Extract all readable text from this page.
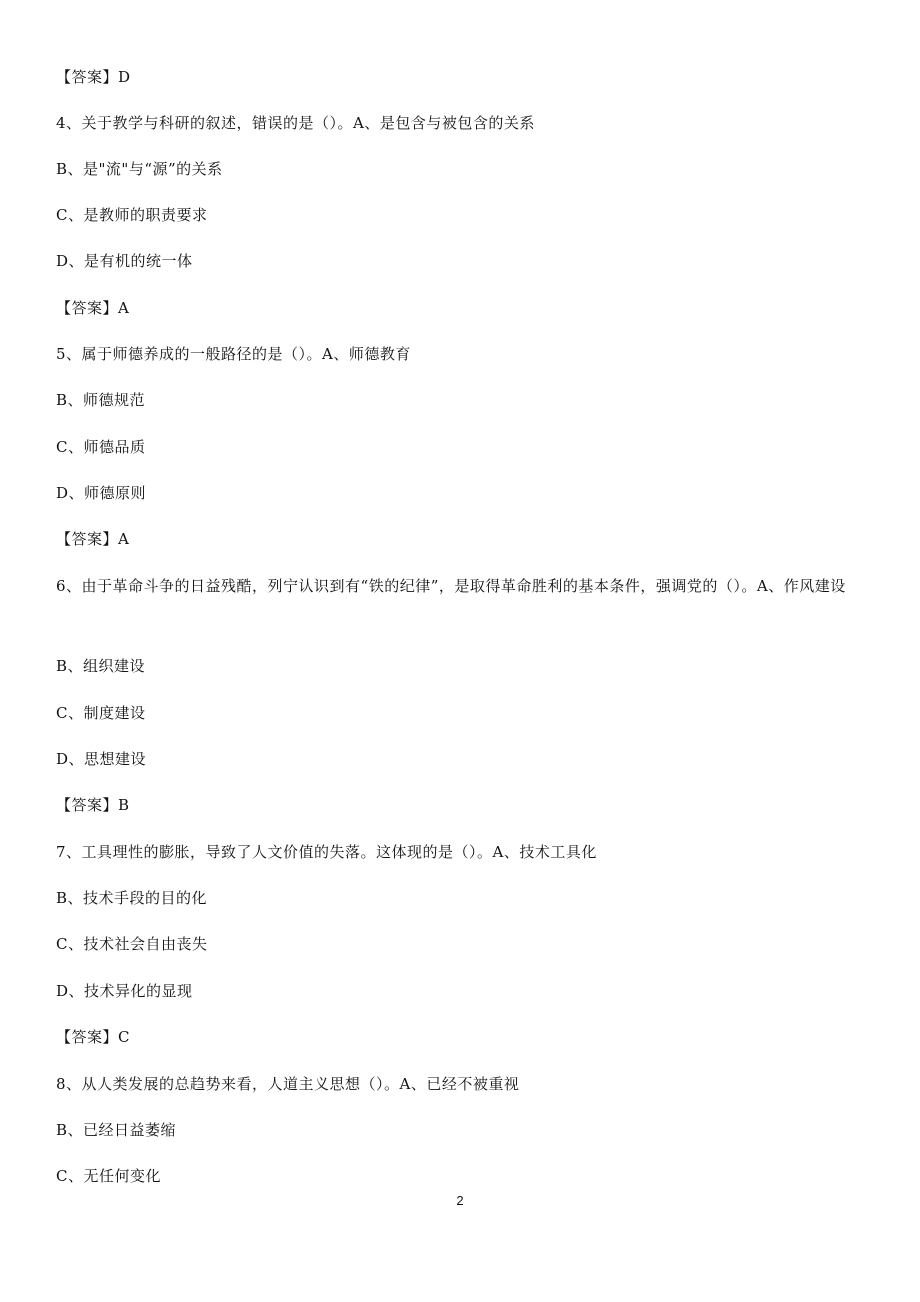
【答案】D
4、关于教学与科研的叙述，错误的是（）。A、是包含与被包含的关系
B、是"流"与“源”的关系
C、是教师的职责要求
D、是有机的统一体
【答案】A
5、属于师德养成的一般路径的是（）。A、师德教育
B、师德规范
C、师德品质
D、师德原则
【答案】A
6、由于革命斗争的日益残酷，列宁认识到有“铁的纪律”，是取得革命胜利的基本条件，强调党的（）。A、作风建设
B、组织建设
C、制度建设
D、思想建设
【答案】B
7、工具理性的膨胀，导致了人文价值的失落。这体现的是（）。A、技术工具化
B、技术手段的目的化
C、技术社会自由丧失
D、技术异化的显现
【答案】C
8、从人类发展的总趋势来看，人道主义思想（）。A、已经不被重视
B、已经日益萎缩
C、无任何变化
2
